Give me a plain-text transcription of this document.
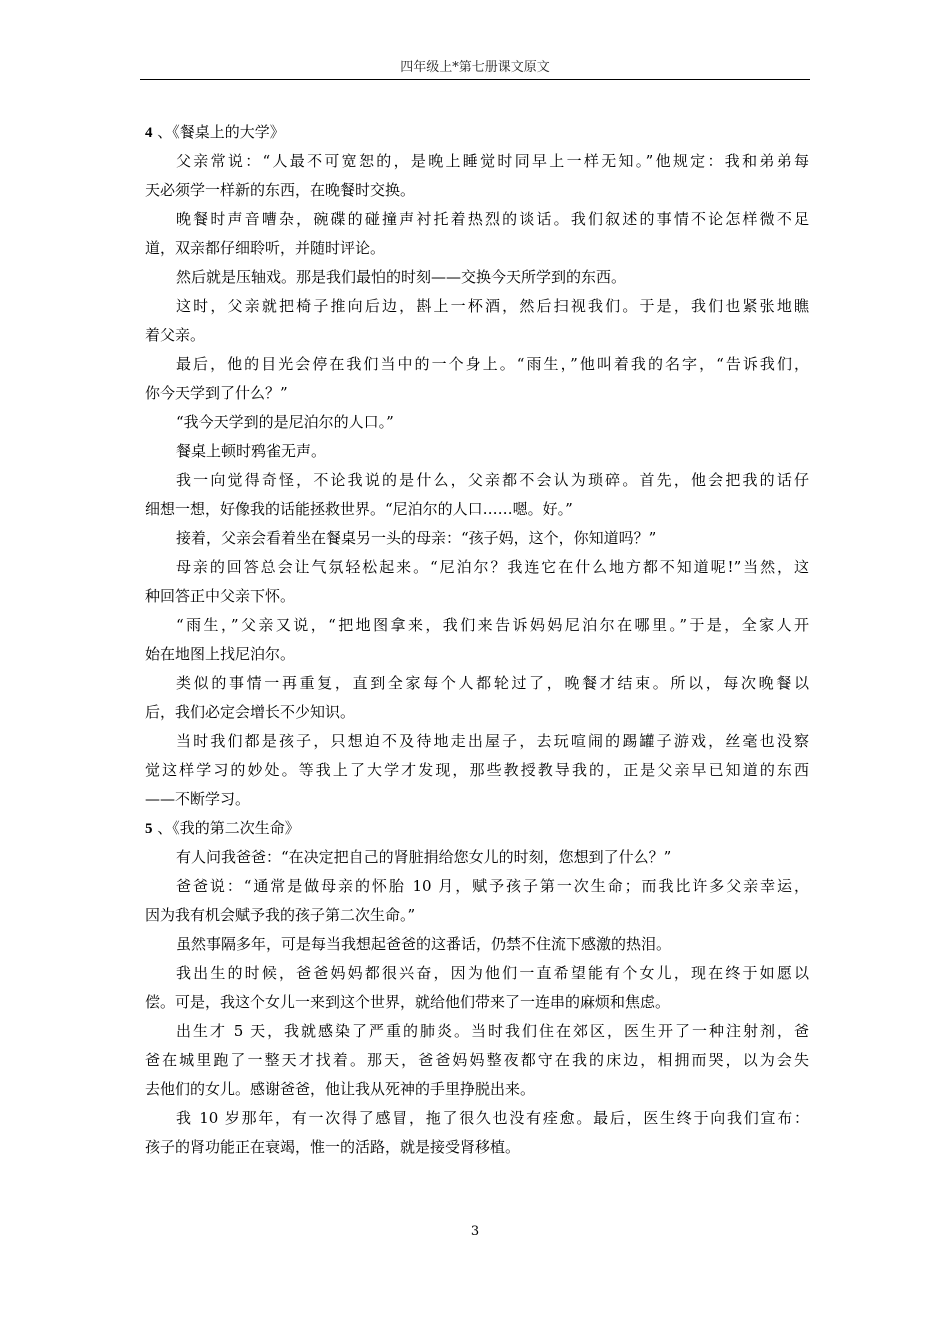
四年级上*第七册课文原文
4 、《餐桌上的大学》
父亲常说：“人最不可宽恕的，是晚上睡觉时同早上一样无知。”他规定：我和弟弟每
天必须学一样新的东西，在晚餐时交换。
晚餐时声音嘈杂，碗碟的碰撞声衬托着热烈的谈话。我们叙述的事情不论怎样微不足
道，双亲都仔细聆听，并随时评论。
然后就是压轴戏。那是我们最怕的时刻——交换今天所学到的东西。
这时，父亲就把椅子推向后边，斟上一杯酒，然后扫视我们。于是，我们也紧张地瞧
着父亲。
最后，他的目光会停在我们当中的一个身上。“雨生，”他叫着我的名字，“告诉我们，
你今天学到了什么？”
“我今天学到的是尼泊尔的人口。”
餐桌上顿时鸦雀无声。
我一向觉得奇怪，不论我说的是什么，父亲都不会认为琐碎。首先，他会把我的话仔
细想一想，好像我的话能拯救世界。“尼泊尔的人口……嗯。好。”
接着，父亲会看着坐在餐桌另一头的母亲：“孩子妈，这个，你知道吗？”
母亲的回答总会让气氛轻松起来。“尼泊尔？我连它在什么地方都不知道呢!”当然，这
种回答正中父亲下怀。
“雨生，”父亲又说，“把地图拿来，我们来告诉妈妈尼泊尔在哪里。”于是，全家人开
始在地图上找尼泊尔。
类似的事情一再重复，直到全家每个人都轮过了，晚餐才结束。所以，每次晚餐以
后，我们必定会增长不少知识。
当时我们都是孩子，只想迫不及待地走出屋子，去玩喧闹的踢罐子游戏，丝毫也没察
觉这样学习的妙处。等我上了大学才发现，那些教授教导我的，正是父亲早已知道的东西
——不断学习。
5 、《我的第二次生命》
有人问我爸爸：“在决定把自己的肾脏捐给您女儿的时刻，您想到了什么？”
爸爸说：“通常是做母亲的怀胎 10 月，赋予孩子第一次生命；而我比许多父亲幸运，
因为我有机会赋予我的孩子第二次生命。”
虽然事隔多年，可是每当我想起爸爸的这番话，仍禁不住流下感激的热泪。
我出生的时候，爸爸妈妈都很兴奋，因为他们一直希望能有个女儿，现在终于如愿以
偿。可是，我这个女儿一来到这个世界，就给他们带来了一连串的麻烦和焦虑。
出生才 5 天，我就感染了严重的肺炎。当时我们住在郊区，医生开了一种注射剂，爸
爸在城里跑了一整天才找着。那天，爸爸妈妈整夜都守在我的床边，相拥而哭，以为会失
去他们的女儿。感谢爸爸，他让我从死神的手里挣脱出来。
我 10 岁那年，有一次得了感冒，拖了很久也没有痊愈。最后，医生终于向我们宣布：
孩子的肾功能正在衰竭，惟一的活路，就是接受肾移植。
3
